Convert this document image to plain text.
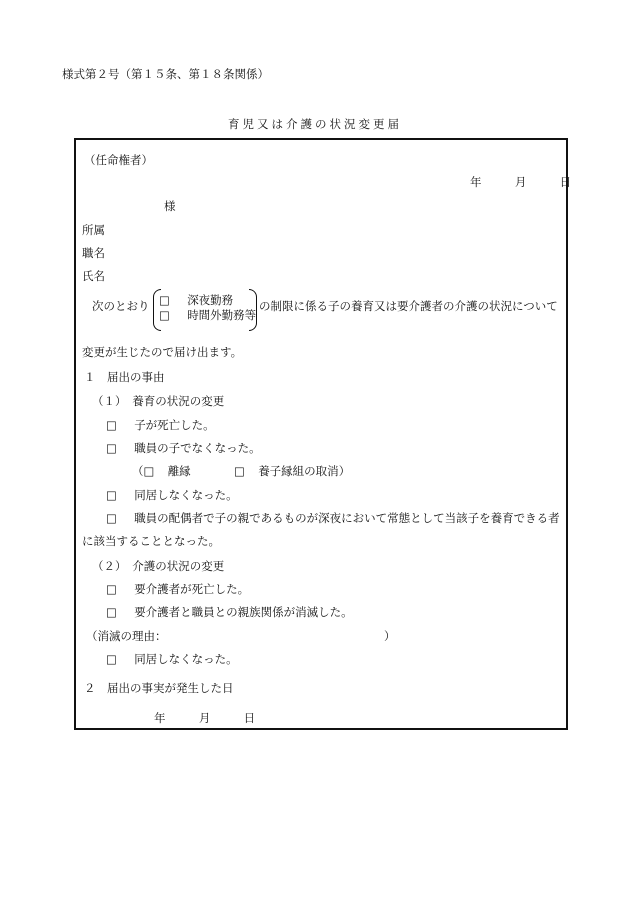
様式第２号（第１５条、第１８条関係）
育児又は介護の状況変更届
（任命権者）
年	月	日
様
所属
職名
氏名
次のとおり □ 深夜勤務
□ 時間外勤務等
の制限に係る子の養育又は要介護者の介護の状況について
変更が生じたので届け出ます。
１　届出の事由
（１）　養育の状況の変更
□ 子が死亡した。
□ 職員の子でなくなった。
（□ 離縁	□ 養子縁組の取消）
□ 同居しなくなった。
□ 職員の配偶者で子の親であるものが深夜において常態として当該子を養育できる者
に該当することとなった。
（２）　介護の状況の変更
□ 要介護者が死亡した。
□ 要介護者と職員との親族関係が消滅した。
（消滅の理由：	）
□ 同居しなくなった。
２　届出の事実が発生した日
年	月	日
